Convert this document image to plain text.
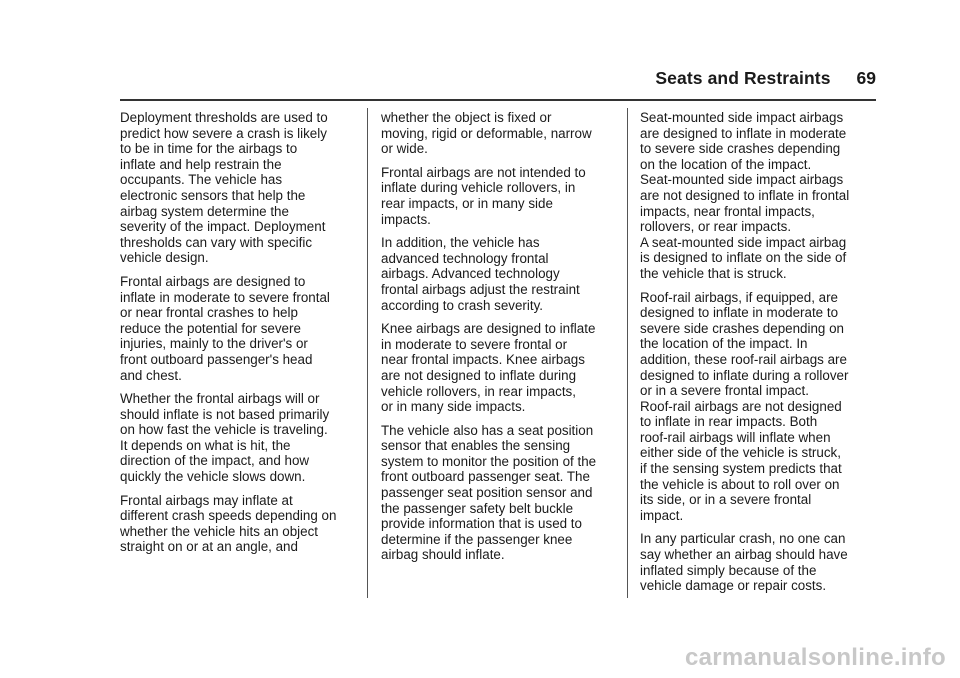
Seats and Restraints 69

Deployment thresholds are used to
predict how severe a crash is likely
to be in time for the airbags to
inflate and help restrain the
occupants. The vehicle has
electronic sensors that help the
airbag system determine the
severity of the impact. Deployment
thresholds can vary with specific
vehicle design.

Frontal airbags are designed to
inflate in moderate to severe frontal
or near frontal crashes to help
reduce the potential for severe
injuries, mainly to the driver's or
front outboard passenger's head
and chest.

Whether the frontal airbags will or
should inflate is not based primarily
on how fast the vehicle is traveling.
It depends on what is hit, the
direction of the impact, and how
quickly the vehicle slows down.

Frontal airbags may inflate at
different crash speeds depending on
whether the vehicle hits an object
straight on or at an angle, and

whether the object is fixed or
moving, rigid or deformable, narrow
or wide.

Frontal airbags are not intended to
inflate during vehicle rollovers, in
rear impacts, or in many side
impacts.

In addition, the vehicle has
advanced technology frontal
airbags. Advanced technology
frontal airbags adjust the restraint
according to crash severity.

Knee airbags are designed to inflate
in moderate to severe frontal or
near frontal impacts. Knee airbags
are not designed to inflate during
vehicle rollovers, in rear impacts,
or in many side impacts.

The vehicle also has a seat position
sensor that enables the sensing
system to monitor the position of the
front outboard passenger seat. The
passenger seat position sensor and
the passenger safety belt buckle
provide information that is used to
determine if the passenger knee
airbag should inflate.

Seat-mounted side impact airbags
are designed to inflate in moderate
to severe side crashes depending
on the location of the impact.
Seat-mounted side impact airbags
are not designed to inflate in frontal
impacts, near frontal impacts,
rollovers, or rear impacts.
A seat-mounted side impact airbag
is designed to inflate on the side of
the vehicle that is struck.

Roof-rail airbags, if equipped, are
designed to inflate in moderate to
severe side crashes depending on
the location of the impact. In
addition, these roof-rail airbags are
designed to inflate during a rollover
or in a severe frontal impact.
Roof-rail airbags are not designed
to inflate in rear impacts. Both
roof-rail airbags will inflate when
either side of the vehicle is struck,
if the sensing system predicts that
the vehicle is about to roll over on
its side, or in a severe frontal
impact.

In any particular crash, no one can
say whether an airbag should have
inflated simply because of the
vehicle damage or repair costs.

carmanualsonline.info
